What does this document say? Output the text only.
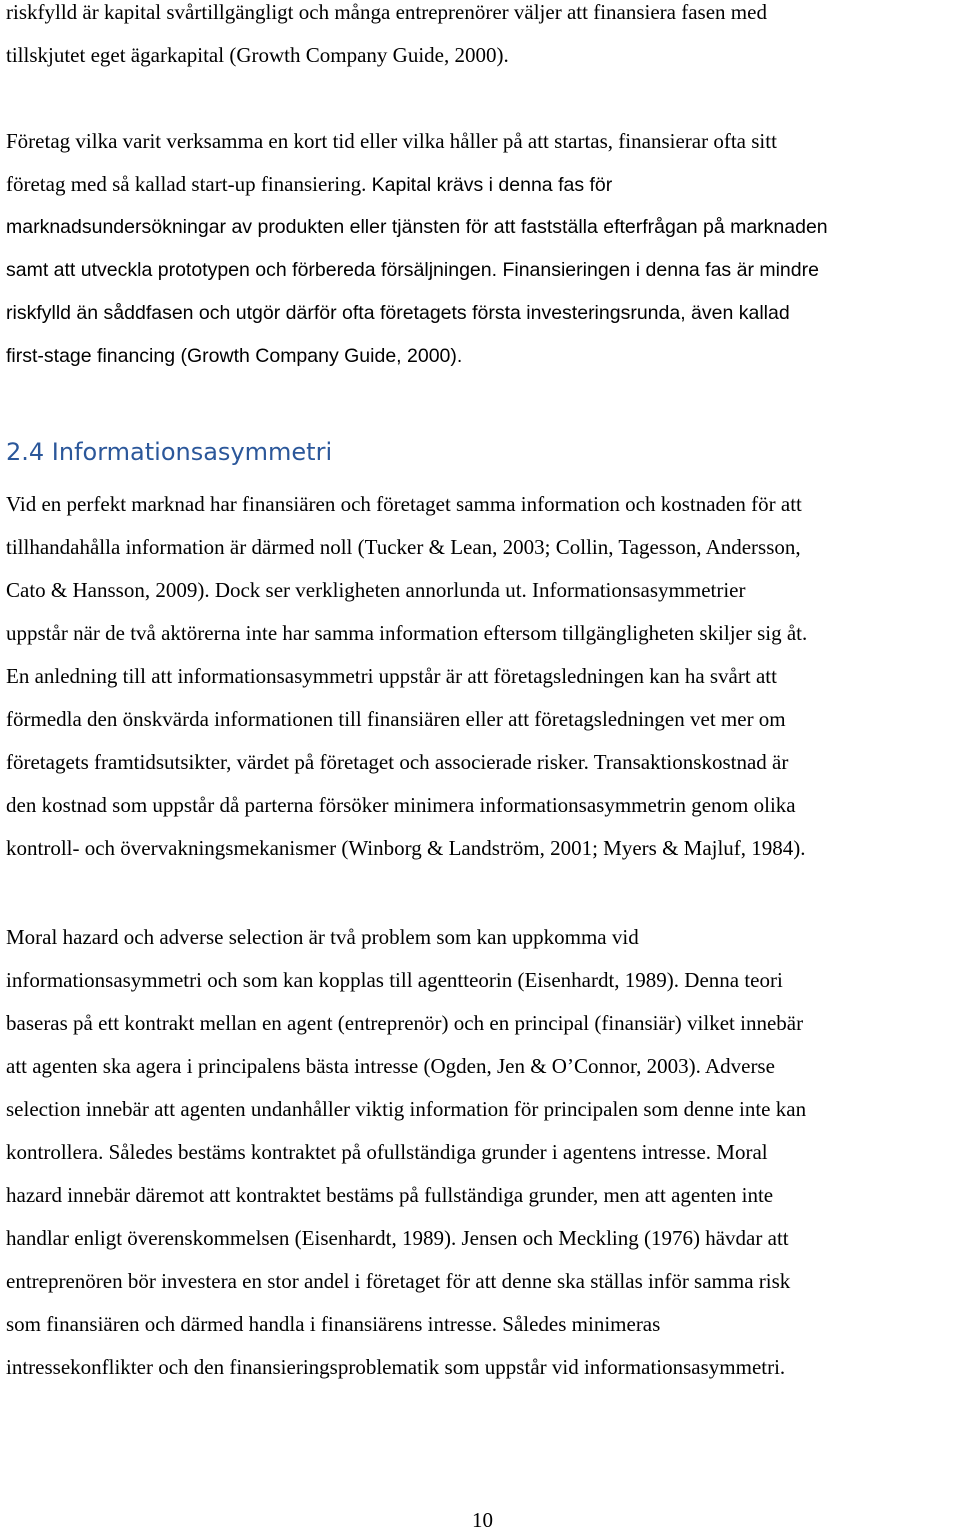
riskfylld är kapital svårtillgängligt och många entreprenörer väljer att finansiera fasen med
tillskjutet eget ägarkapital (Growth Company Guide, 2000).
Företag vilka varit verksamma en kort tid eller vilka håller på att startas, finansierar ofta sitt
företag med så kallad start-up finansiering. Kapital krävs i denna fas för
marknadsundersökningar av produkten eller tjänsten för att fastställa efterfrågan på marknaden
samt att utveckla prototypen och förbereda försäljningen. Finansieringen i denna fas är mindre
riskfylld än såddfasen och utgör därför ofta företagets första investeringsrunda, även kallad
first-stage financing (Growth Company Guide, 2000).
2.4 Informationsasymmetri
Vid en perfekt marknad har finansiären och företaget samma information och kostnaden för att
tillhandahålla information är därmed noll (Tucker & Lean, 2003; Collin, Tagesson, Andersson,
Cato & Hansson, 2009). Dock ser verkligheten annorlunda ut. Informationsasymmetrier
uppstår när de två aktörerna inte har samma information eftersom tillgängligheten skiljer sig åt.
En anledning till att informationsasymmetri uppstår är att företagsledningen kan ha svårt att
förmedla den önskvärda informationen till finansiären eller att företagsledningen vet mer om
företagets framtidsutsikter, värdet på företaget och associerade risker. Transaktionskostnad är
den kostnad som uppstår då parterna försöker minimera informationsasymmetrin genom olika
kontroll- och övervakningsmekanismer (Winborg & Landström, 2001; Myers & Majluf, 1984).
Moral hazard och adverse selection är två problem som kan uppkomma vid
informationsasymmetri och som kan kopplas till agentteorin (Eisenhardt, 1989). Denna teori
baseras på ett kontrakt mellan en agent (entreprenör) och en principal (finansiär) vilket innebär
att agenten ska agera i principalens bästa intresse (Ogden, Jen & O’Connor, 2003). Adverse
selection innebär att agenten undanhåller viktig information för principalen som denne inte kan
kontrollera. Således bestäms kontraktet på ofullständiga grunder i agentens intresse. Moral
hazard innebär däremot att kontraktet bestäms på fullständiga grunder, men att agenten inte
handlar enligt överenskommelsen (Eisenhardt, 1989). Jensen och Meckling (1976) hävdar att
entreprenören bör investera en stor andel i företaget för att denne ska ställas inför samma risk
som finansiären och därmed handla i finansiärens intresse. Således minimeras
intressekonflikter och den finansieringsproblematik som uppstår vid informationsasymmetri.
10
